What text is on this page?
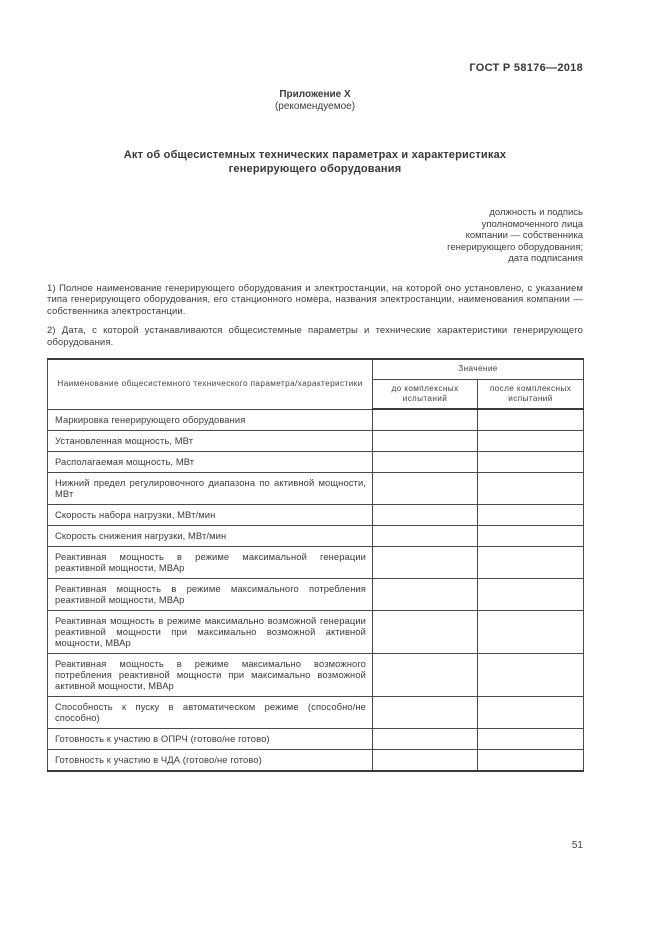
ГОСТ Р 58176—2018
Приложение Х
(рекомендуемое)
Акт об общесистемных технических параметрах и характеристиках генерирующего оборудования
должность и подпись
уполномоченного лица
компании — собственника
генерирующего оборудования;
дата подписания
1) Полное наименование генерирующего оборудования и электростанции, на которой оно установлено, с указанием типа генерирующего оборудования, его станционного номера, названия электростанции, наименования компании — собственника электростанции.
2) Дата, с которой устанавливаются общесистемные параметры и технические характеристики генерирующего оборудования.
Наименование общесистемного технического параметра/характеристики	Значение	
	до комплексных испытаний	после комплексных испытаний
Маркировка генерирующего оборудования		
Установленная мощность, МВт		
Располагаемая мощность, МВт		
Нижний предел регулировочного диапазона по активной мощности, МВт		
Скорость набора нагрузки, МВт/мин		
Скорость снижения нагрузки, МВт/мин		
Реактивная мощность в режиме максимальной генерации реактивной мощности, МВАр		
Реактивная мощность в режиме максимального потребления реактивной мощности, МВАр		
Реактивная мощность в режиме максимально возможной генерации реактивной мощности при максимально возможной активной мощности, МВАр		
Реактивная мощность в режиме максимально возможного потребления реактивной мощности при максимально возможной активной мощности, МВАр		
Способность к пуску в автоматическом режиме (способно/не способно)		
Готовность к участию в ОПРЧ (готово/не готово)		
Готовность к участию в ЧДА (готово/не готово)		
51
